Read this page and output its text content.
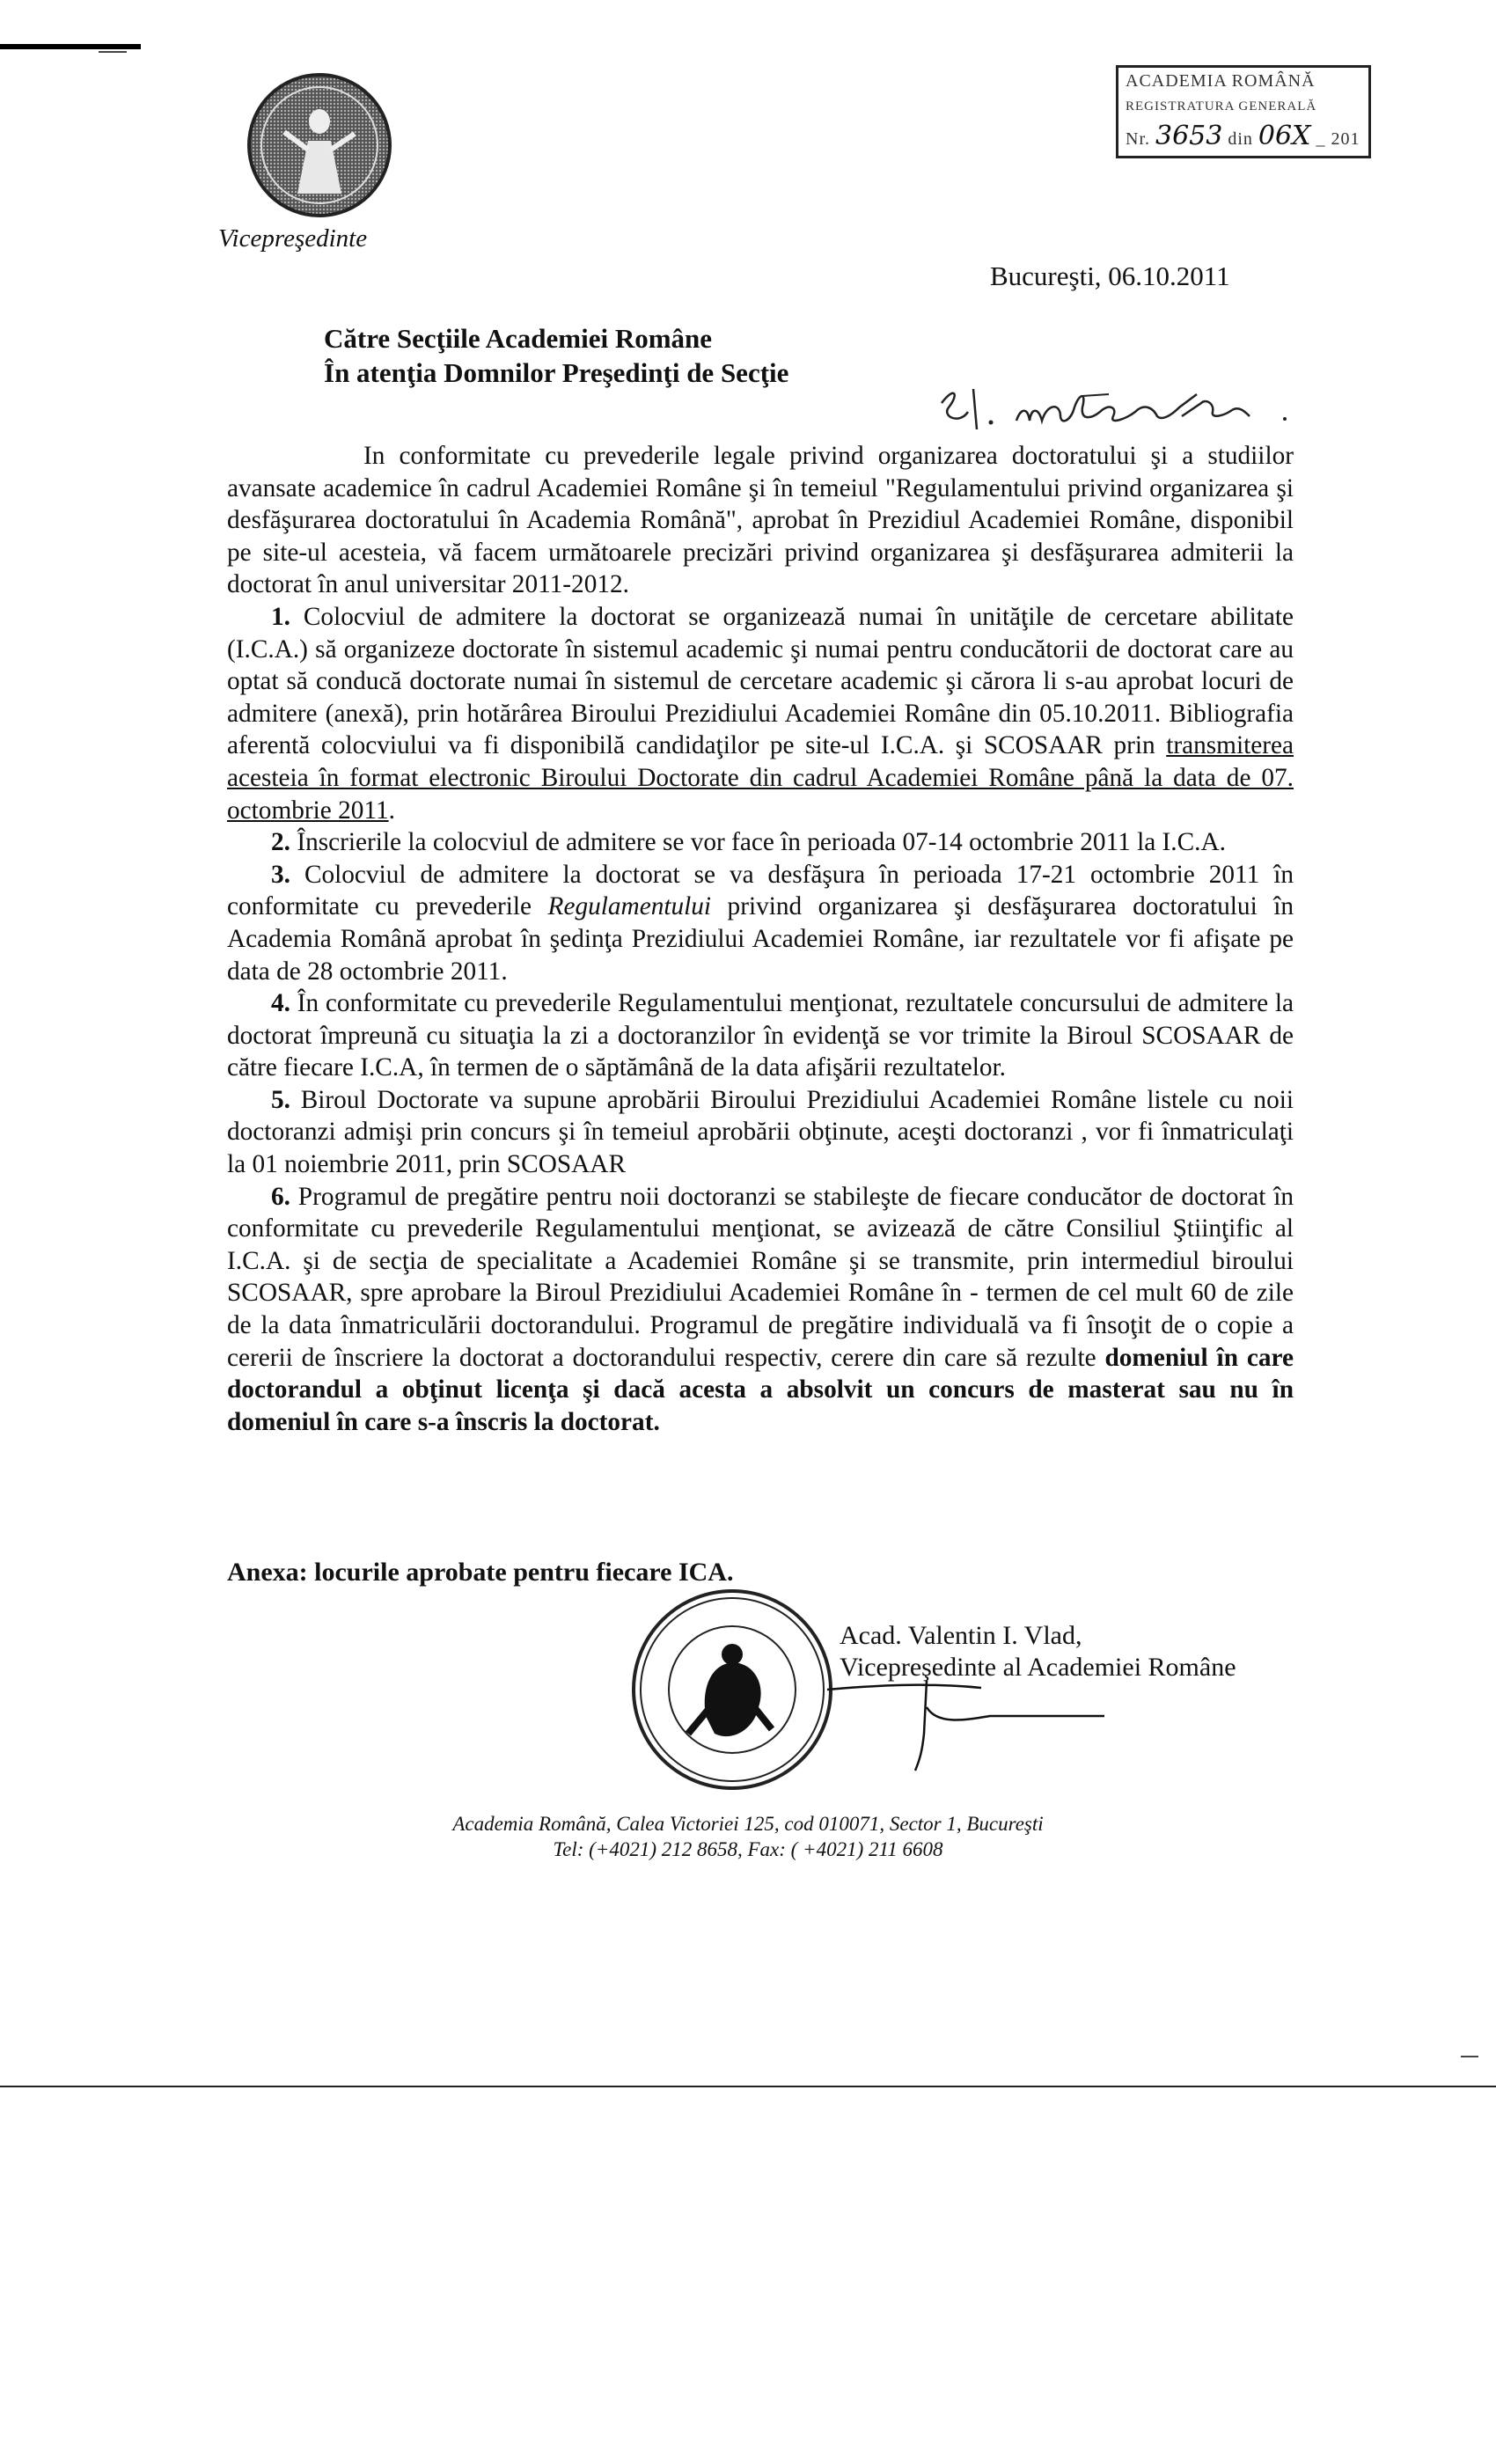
Vicepreşedinte
ACADEMIA ROMÂNĂ
REGISTRATURA GENERALĂ
Nr. 3653 din 06X _ 201
Bucureşti, 06.10.2011
Către Secţiile Academiei Române
În atenţia Domnilor Preşedinţi de Secţie

In conformitate cu prevederile legale privind organizarea doctoratului şi a studiilor avansate academice în cadrul Academiei Române şi în temeiul "Regulamentului privind organizarea şi desfăşurarea doctoratului în Academia Română", aprobat în Prezidiul Academiei Române, disponibil pe site-ul acesteia, vă facem următoarele precizări privind organizarea şi desfăşurarea admiterii la doctorat în anul universitar 2011-2012.

1. Colocviul de admitere la doctorat se organizează numai în unităţile de cercetare abilitate (I.C.A.) să organizeze doctorate în sistemul academic şi numai pentru conducătorii de doctorat care au optat să conducă doctorate numai în sistemul de cercetare academic şi cărora li s-au aprobat locuri de admitere (anexă), prin hotărârea Biroului Prezidiului Academiei Române din 05.10.2011. Bibliografia aferentă colocviului va fi disponibilă candidaţilor pe site-ul I.C.A. şi SCOSAAR prin transmiterea acesteia în format electronic Biroului Doctorate din cadrul Academiei Române până la data de 07. octombrie 2011.

2. Înscrierile la colocviul de admitere se vor face în perioada 07-14 octombrie 2011 la I.C.A.

3. Colocviul de admitere la doctorat se va desfăşura în perioada 17-21 octombrie 2011 în conformitate cu prevederile Regulamentului privind organizarea şi desfăşurarea doctoratului în Academia Română aprobat în şedinţa Prezidiului Academiei Române, iar rezultatele vor fi afişate pe data de 28 octombrie 2011.

4. În conformitate cu prevederile Regulamentului menţionat, rezultatele concursului de admitere la doctorat împreună cu situaţia la zi a doctoranzilor în evidenţă se vor trimite la Biroul SCOSAAR de către fiecare I.C.A, în termen de o săptămână de la data afişării rezultatelor.

5. Biroul Doctorate va supune aprobării Biroului Prezidiului Academiei Române listele cu noii doctoranzi admişi prin concurs şi în temeiul aprobării obţinute, aceşti doctoranzi , vor fi înmatriculaţi la 01 noiembrie 2011, prin SCOSAAR

6. Programul de pregătire pentru noii doctoranzi se stabileşte de fiecare conducător de doctorat în conformitate cu prevederile Regulamentului menţionat, se avizează de către Consiliul Ştiinţific al I.C.A. şi de secţia de specialitate a Academiei Române şi se transmite, prin intermediul biroului SCOSAAR, spre aprobare la Biroul Prezidiului Academiei Române în - termen de cel mult 60 de zile de la data înmatriculării doctorandului. Programul de pregătire individuală va fi însoţit de o copie a cererii de înscriere la doctorat a doctorandului respectiv, cerere din care să rezulte domeniul în care doctorandul a obţinut licenţa şi dacă acesta a absolvit un concurs de masterat sau nu în domeniul în care s-a înscris la doctorat.

Anexa: locurile aprobate pentru fiecare ICA.
Acad. Valentin I. Vlad,
Vicepreşedinte al Academiei Române
Academia Română, Calea Victoriei 125, cod 010071, Sector 1, Bucureşti
Tel: (+4021) 212 8658, Fax: ( +4021) 211 6608
